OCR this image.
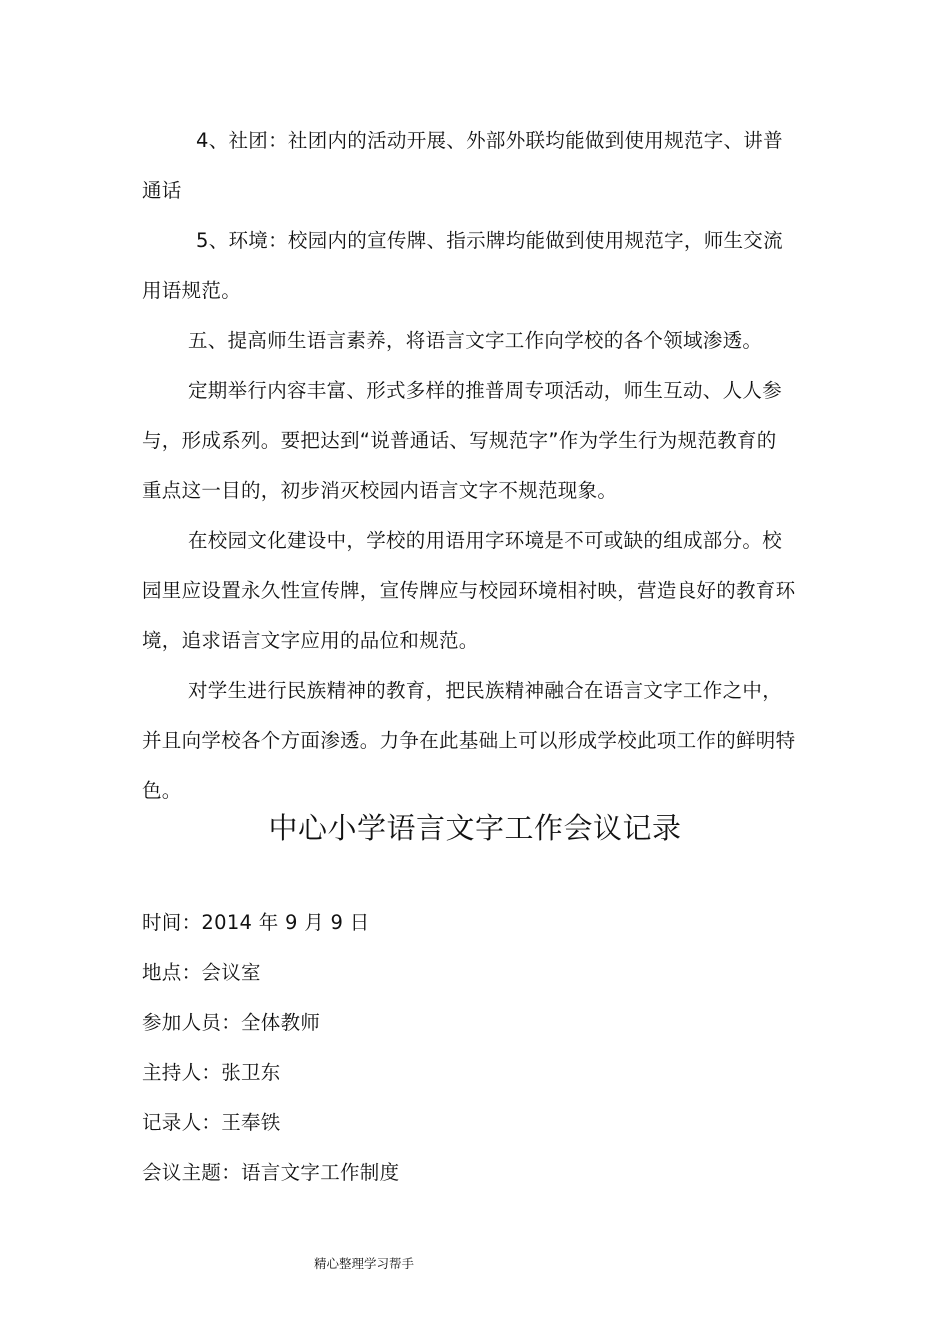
4、社团：社团内的活动开展、外部外联均能做到使用规范字、讲普
通话
5、环境：校园内的宣传牌、指示牌均能做到使用规范字，师生交流
用语规范。
五、提高师生语言素养，将语言文字工作向学校的各个领域渗透。
定期举行内容丰富、形式多样的推普周专项活动，师生互动、人人参
与，形成系列。要把达到“说普通话、写规范字”作为学生行为规范教育的
重点这一目的，初步消灭校园内语言文字不规范现象。
在校园文化建设中，学校的用语用字环境是不可或缺的组成部分。校
园里应设置永久性宣传牌，宣传牌应与校园环境相衬映，营造良好的教育环
境，追求语言文字应用的品位和规范。
对学生进行民族精神的教育，把民族精神融合在语言文字工作之中，
并且向学校各个方面渗透。力争在此基础上可以形成学校此项工作的鲜明特
色。
中心小学语言文字工作会议记录
时间：2014 年 9 月 9 日
地点：会议室
参加人员：全体教师
主持人：张卫东
记录人：王奉铁
会议主题：语言文字工作制度
精心整理学习帮手
